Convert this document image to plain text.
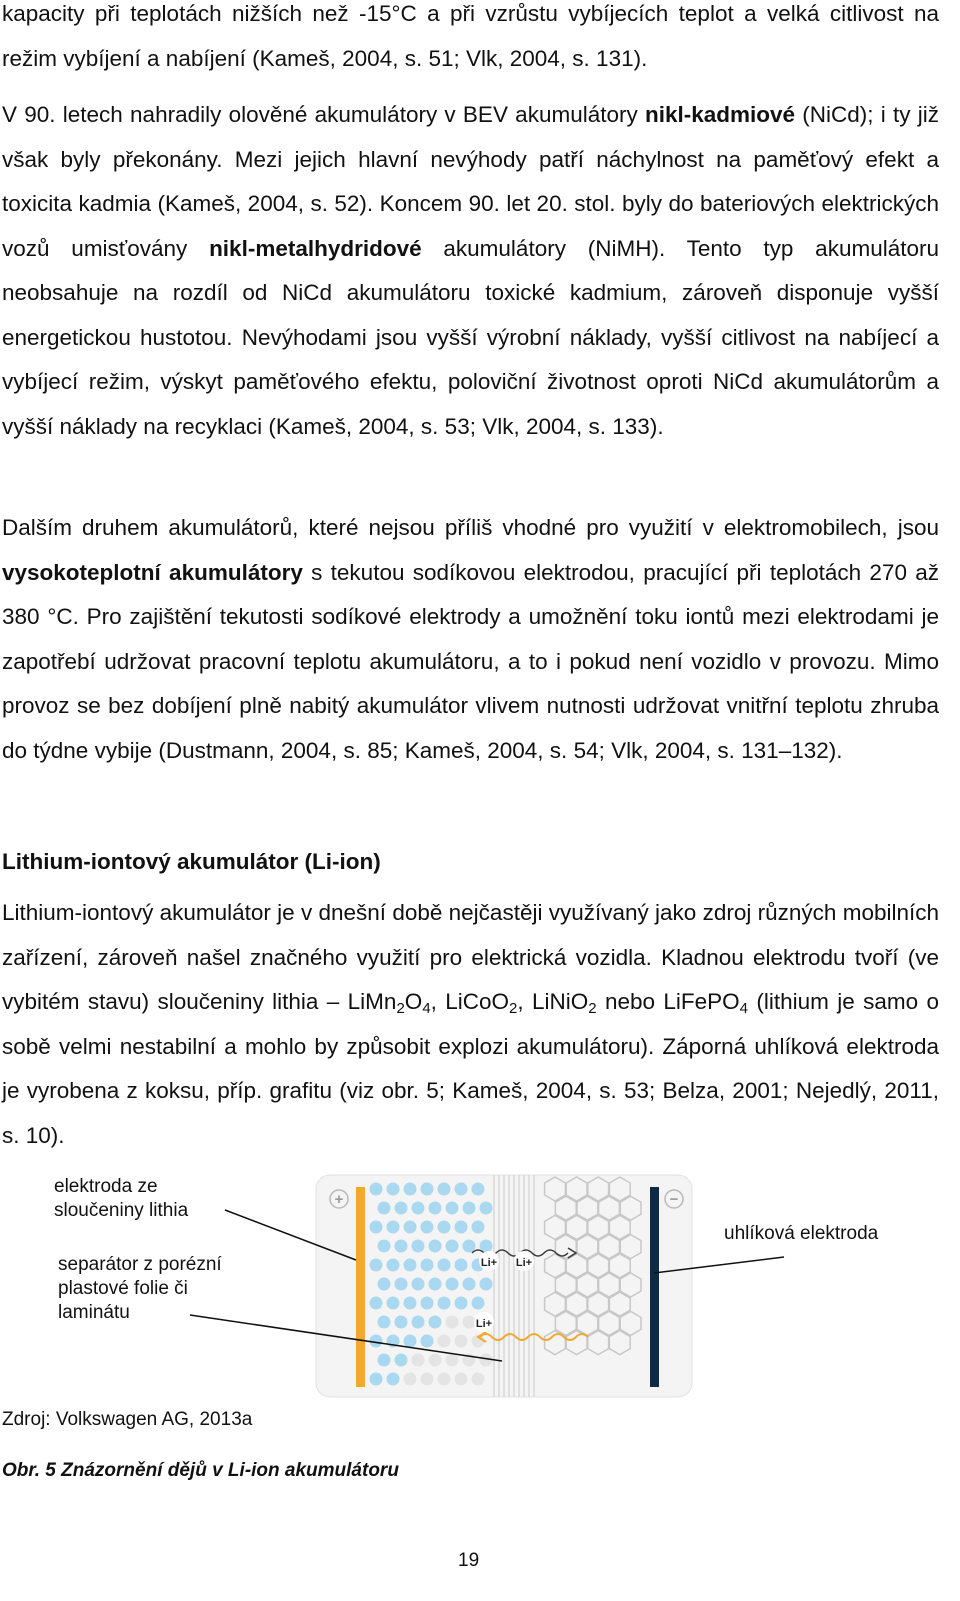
kapacity při teplotách nižších než -15°C a při vzrůstu vybíjecích teplot a velká citlivost na režim vybíjení a nabíjení (Kameš, 2004, s. 51; Vlk, 2004, s. 131).

V 90. letech nahradily olověné akumulátory v BEV akumulátory nikl-kadmiové (NiCd); i ty již však byly překonány. Mezi jejich hlavní nevýhody patří náchylnost na paměťový efekt a toxicita kadmia (Kameš, 2004, s. 52). Koncem 90. let 20. stol. byly do bateriových elektrických vozů umisťovány nikl-metalhydridové akumulátory (NiMH). Tento typ akumulátoru neobsahuje na rozdíl od NiCd akumulátoru toxické kadmium, zároveň disponuje vyšší energetickou hustotou. Nevýhodami jsou vyšší výrobní náklady, vyšší citlivost na nabíjecí a vybíjecí režim, výskyt paměťového efektu, poloviční životnost oproti NiCd akumulátorům a vyšší náklady na recyklaci (Kameš, 2004, s. 53; Vlk, 2004, s. 133).

Dalším druhem akumulátorů, které nejsou příliš vhodné pro využití v elektromobilech, jsou vysokoteplotní akumulátory s tekutou sodíkovou elektrodou, pracující při teplotách 270 až 380 °C. Pro zajištění tekutosti sodíkové elektrody a umožnění toku iontů mezi elektrodami je zapotřebí udržovat pracovní teplotu akumulátoru, a to i pokud není vozidlo v provozu. Mimo provoz se bez dobíjení plně nabitý akumulátor vlivem nutnosti udržovat vnitřní teplotu zhruba do týdne vybije (Dustmann, 2004, s. 85; Kameš, 2004, s. 54; Vlk, 2004, s. 131–132).

Lithium-iontový akumulátor (Li-ion)

Lithium-iontový akumulátor je v dnešní době nejčastěji využívaný jako zdroj různých mobilních zařízení, zároveň našel značného využití pro elektrická vozidla. Kladnou elektrodu tvoří (ve vybitém stavu) sloučeniny lithia – $LiMn_2O_4$, LiCoO$_2$, LiNiO$_2$ nebo LiFePO$_4$ (lithium je samo o sobě velmi nestabilní a mohlo by způsobit explozi akumulátoru). Záporná uhlíková elektroda je vyrobena z koksu, příp. grafitu (viz obr. 5; Kameš, 2004, s. 53; Belza, 2001; Nejedlý, 2011, s. 10).

+	−
Li+ Li+
Li+
elektroda ze
sloučeniny lithia
separátor z porézní
plastové folie či
laminátu
uhlíková elektroda
Zdroj: Volkswagen AG, 2013a
Obr. 5 Znázornění dějů v Li-ion akumulátoru
19
